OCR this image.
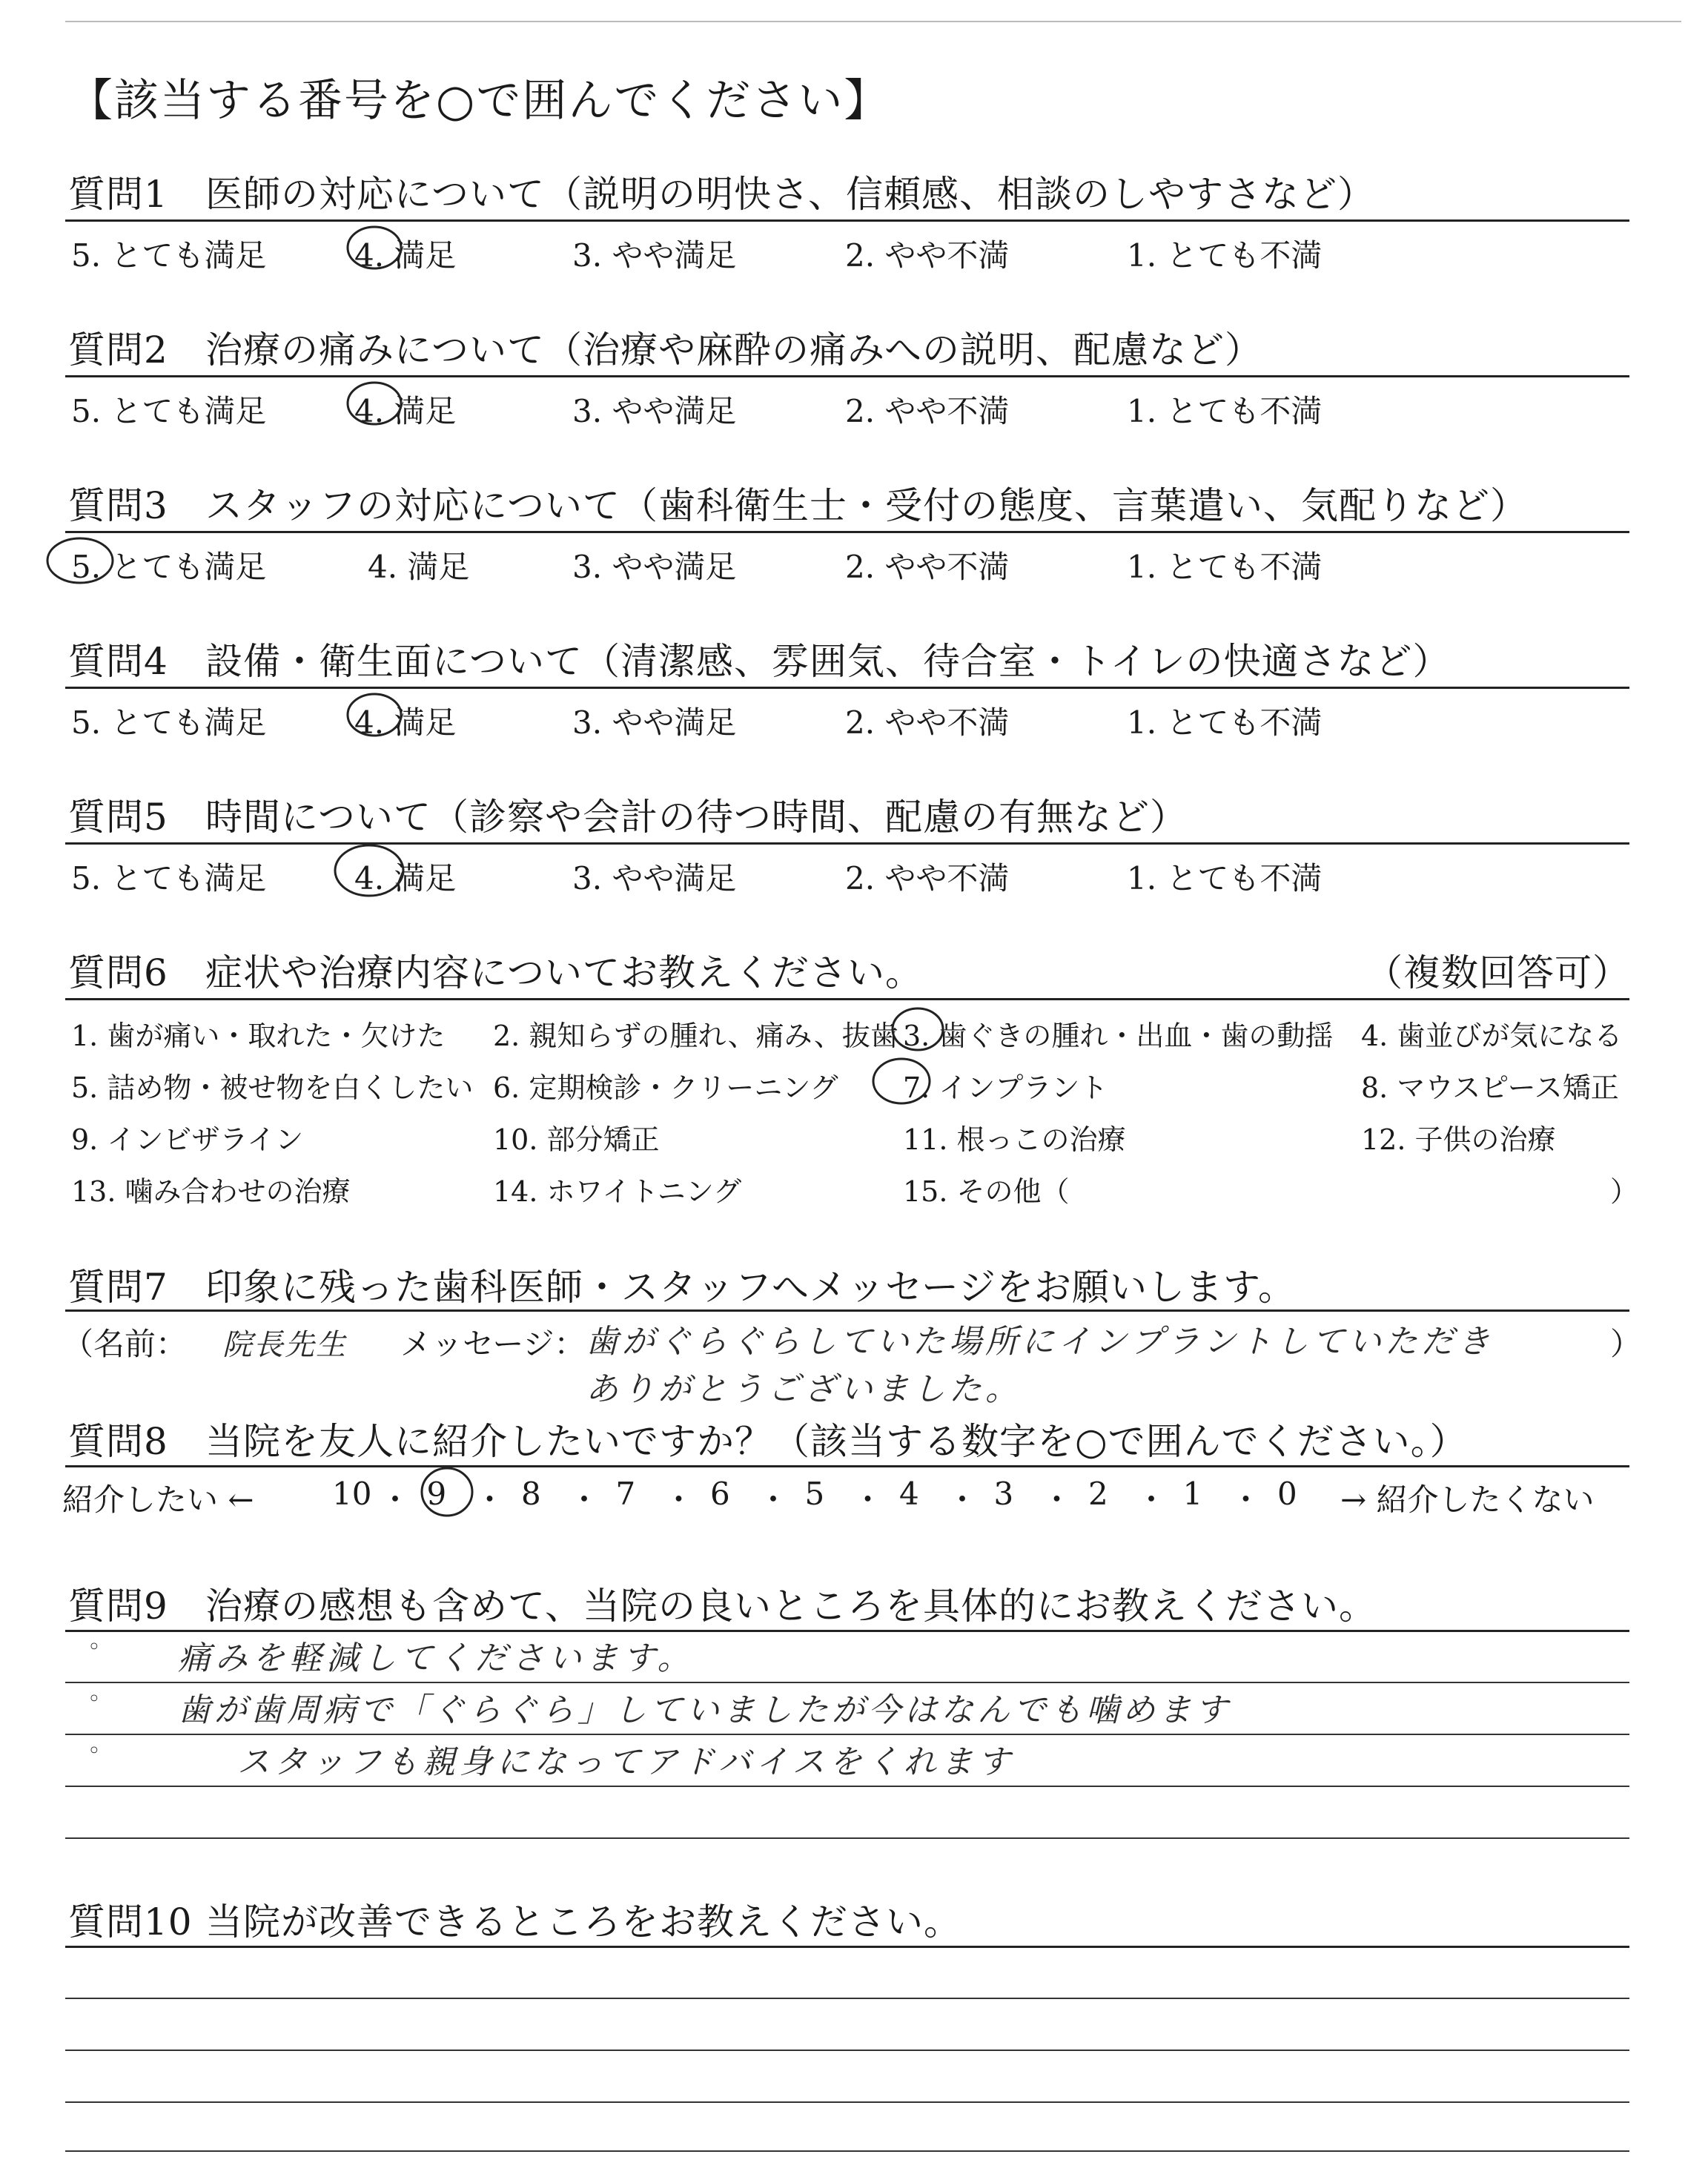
【該当する番号を○で囲んでください】
質問1 医師の対応について（説明の明快さ、信頼感、相談のしやすさなど）
5. とても満足	4. 満足	3. やや満足	2. やや不満	1. とても不満
質問2 治療の痛みについて（治療や麻酔の痛みへの説明、配慮など）
5. とても満足	4. 満足	3. やや満足	2. やや不満	1. とても不満
質問3 スタッフの対応について（歯科衛生士・受付の態度、言葉遣い、気配りなど）
5. とても満足	4. 満足	3. やや満足	2. やや不満	1. とても不満
質問4 設備・衛生面について（清潔感、雰囲気、待合室・トイレの快適さなど）
5. とても満足	4. 満足	3. やや満足	2. やや不満	1. とても不満
質問5 時間について（診察や会計の待つ時間、配慮の有無など）
5. とても満足	4. 満足	3. やや満足	2. やや不満	1. とても不満
質問6 症状や治療内容についてお教えください。	（複数回答可）
1. 歯が痛い・取れた・欠けた 2. 親知らずの腫れ、痛み、抜歯 3. 歯ぐきの腫れ・出血・歯の動揺 4. 歯並びが気になる
5. 詰め物・被せ物を白くしたい 6. 定期検診・クリーニング 7. インプラント	8. マウスピース矯正
9. インビザライン	10. 部分矯正	11. 根っこの治療	12. 子供の治療
13. 噛み合わせの治療	14. ホワイトニング	15. その他（	）
質問7 印象に残った歯科医師・スタッフへメッセージをお願いします。
（名前： 院長先生 メッセージ： 歯がぐらぐらしていた場所にインプラントしていただきありがとうございました。
）
質問8 当院を友人に紹介したいですか？（該当する数字を○で囲んでください。）
紹介したい ←	→ 紹介したくない
10 ・ 9 ・ 8 ・ 7 ・ 6 ・ 5 ・ 4 ・ 3 ・ 2 ・ 1 ・ 0
質問9 治療の感想も含めて、当院の良いところを具体的にお教えください。
◦ 痛みを軽減してくださいます。
◦ 歯が歯周病で「ぐらぐら」していましたが今はなんでも噛めます
◦	スタッフも親身になってアドバイスをくれます
質問10 当院が改善できるところをお教えください。
